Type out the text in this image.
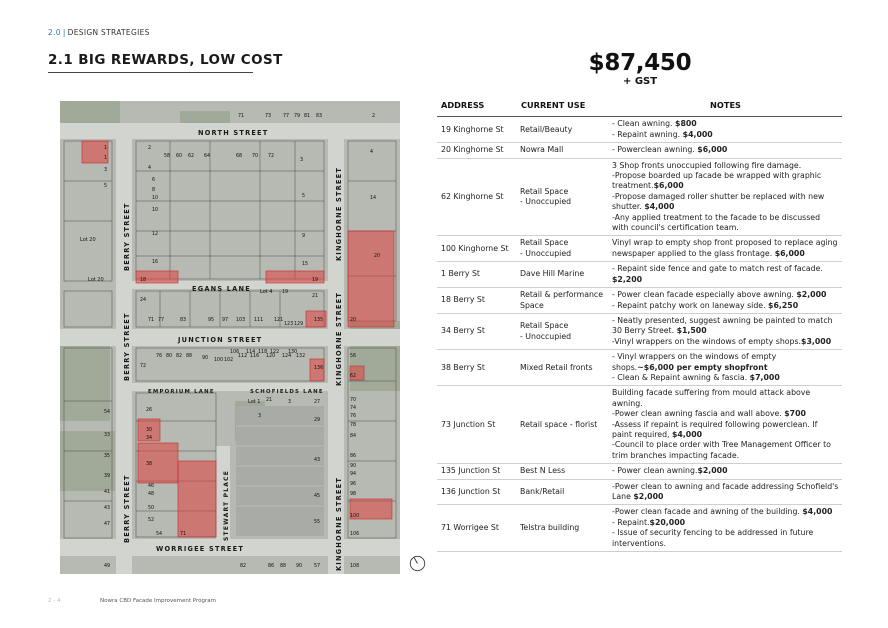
2.0 | DESIGN STRATEGIES
2.1 BIG REWARDS, LOW COST	$87,450
+ GST
NORTH STREET
EGANS LANE
JUNCTION STREET
EMPORIUM LANE	SCHOFIELDS LANE
WORRIGEE STREET
BERRY STREET
BERRY STREET
BERRY STREET
KINGHORNE STREET
KINGHORNE STREET
KINGHORNE STREET
STEWART PLACE
Lot 20
Lot 20
Lot 4
Lot 1
71	73 77 79 81 83	2
1
1
2
58 60 62 64	68 70 72
3
4
3	4
5
6
8
10
10
5	14
12	9
16	15
20
18	19
24
21
19
71 77	83	95 97 103 111 121
123 129
135	20
76 80 82 88 90 100 102
106
112
114
116
118
120
122
124
130
132
136
56
72
62
21	3	27	70
74
3	76
78
26
29
54
30
34
33	84
38
43
86
35
90
94
39
46	96
48	45
41
50
98
43
52
100
55
47
54	71	106
49	82	86 88 90 57	108
ADDRESS	CURRENT USE	NOTES
19 Kinghorne St	Retail/Beauty	- Clean awning. $800
- Repaint awning. $4,000

20 Kinghorne St	Nowra Mall	- Powerclean awning. $6,000

62 Kinghorne St	Retail Space
- Unoccupied	3 Shop fronts unoccupied following fire damage.
-Propose boarded up facade be wrapped with graphic treatment.$6,000
-Propose damaged roller shutter be replaced with new shutter. $4,000
-Any applied treatment to the facade to be discussed with council's certification team.

100 Kinghorne St	Retail Space
- Unoccupied	Vinyl wrap to empty shop front proposed to replace aging newspaper applied to the glass frontage. $6,000

1 Berry St	Dave Hill Marine	- Repaint side fence and gate to match rest of facade. $2,200

18 Berry St	Retail & performance
Space	- Power clean facade especially above awning. $2,000
- Repaint patchy work on laneway side. $6,250

34 Berry St	Retail Space
- Unoccupied	- Neatly presented, suggest awning be painted to match 30 Berry Street. $1,500
-Vinyl wrappers on the windows of empty shops.$3,000

38 Berry St	Mixed Retail fronts	- Vinyl wrappers on the windows of empty shops.~$6,000 per empty shopfront
- Clean & Repaint awning & fascia. $7,000

73 Junction St	Retail space - florist	Building facade suffering from mould attack above awning.
-Power clean awning fascia and wall above. $700
-Assess if repaint is required following powerclean. If paint required, $4,000
-Council to place order with Tree Management Officer to trim branches impacting facade.

135 Junction St	Best N Less	- Power clean awning.$2,000

136 Junction St	Bank/Retail	-Power clean to awning and facade addressing Schofield's Lane $2,000

71 Worrigee St	Telstra building	-Power clean facade and awning of the building. $4,000
- Repaint.$20,000
- Issue of security fencing to be addressed in future interventions.
2 - 4	Nowra CBD Facade Improvement Program
